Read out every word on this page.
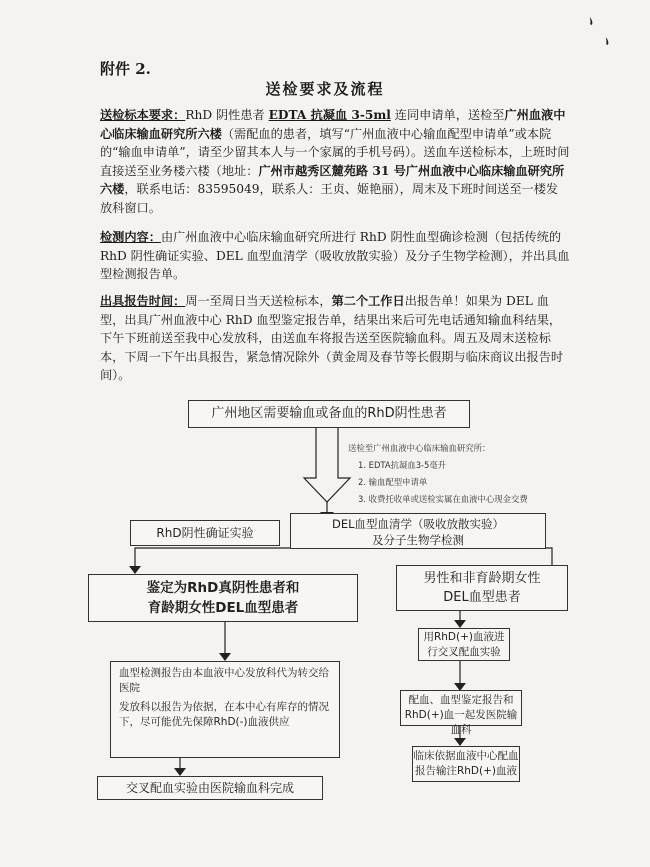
、
、
附件 2.
送检要求及流程
送检标本要求：RhD 阴性患者 EDTA 抗凝血 3-5ml 连同申请单，送检至广州血液中心临床输血研究所六楼（需配血的患者，填写“广州血液中心输血配型申请单”或本院的“输血申请单”，请至少留其本人与一个家属的手机号码）。送血车送检标本，上班时间直接送至业务楼六楼（地址：广州市越秀区麓苑路 31 号广州血液中心临床输血研究所六楼，联系电话：83595049，联系人：王贞、姬艳丽），周末及下班时间送至一楼发放科窗口。
检测内容：由广州血液中心临床输血研究所进行 RhD 阴性血型确诊检测（包括传统的 RhD 阴性确证实验、DEL 血型血清学（吸收放散实验）及分子生物学检测），并出具血型检测报告单。
出具报告时间：周一至周日当天送检标本，第二个工作日出报告单！如果为 DEL 血型，出具广州血液中心 RhD 血型鉴定报告单，结果出来后可先电话通知输血科结果，下午下班前送至我中心发放科，由送血车将报告送至医院输血科。周五及周末送检标本，下周一下午出具报告，紧急情况除外（黄金周及春节等长假期与临床商议出报告时间）。
广州地区需要输血或备血的RhD阴性患者
送检至广州血液中心临床输血研究所：
1. EDTA抗凝血3-5毫升
2. 输血配型申请单
3. 收费托收单或送检实属在血液中心现金交费
RhD阴性确证实验
DEL血型血清学（吸收放散实验）
及分子生物学检测
鉴定为RhD真阴性患者和
育龄期女性DEL血型患者
男性和非育龄期女性
DEL血型患者
血型检测报告由本血液中心发放科代为转交给医院
发放科以报告为依据，在本中心有库存的情况下，尽可能优先保障RhD(-)血液供应
交叉配血实验由医院输血科完成
用RhD(+)血液进行交叉配血实验
配血、血型鉴定报告和RhD(+)血一起发医院输血科
临床依据血液中心配血报告输注RhD(+)血液
